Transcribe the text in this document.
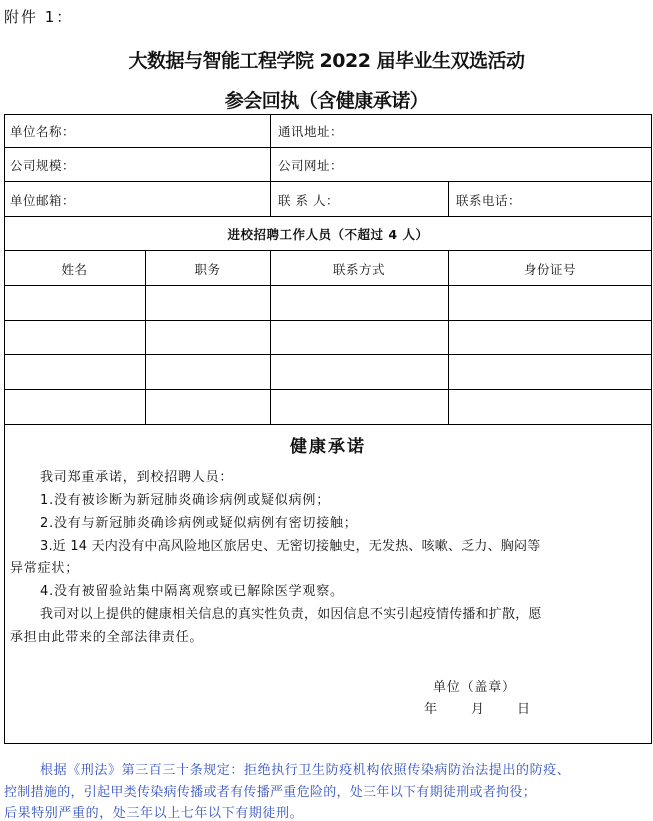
附件 1：
大数据与智能工程学院 2022 届毕业生双选活动
参会回执（含健康承诺）
单位名称：	通讯地址：
公司规模：	公司网址：
单位邮箱：	联 系 人：	联系电话：
进校招聘工作人员（不超过 4 人）
姓名	职务	联系方式	身份证号
健康承诺
我司郑重承诺，到校招聘人员：
1.没有被诊断为新冠肺炎确诊病例或疑似病例；
2.没有与新冠肺炎确诊病例或疑似病例有密切接触；
3.近 14 天内没有中高风险地区旅居史、无密切接触史，无发热、咳嗽、乏力、胸闷等
异常症状；
4.没有被留验站集中隔离观察或已解除医学观察。
我司对以上提供的健康相关信息的真实性负责，如因信息不实引起疫情传播和扩散，愿
承担由此带来的全部法律责任。
单位（盖章）
年	月 日
根据《刑法》第三百三十条规定：拒绝执行卫生防疫机构依照传染病防治法提出的防疫、
控制措施的，引起甲类传染病传播或者有传播严重危险的，处三年以下有期徒刑或者拘役；
后果特别严重的，处三年以上七年以下有期徒刑。
